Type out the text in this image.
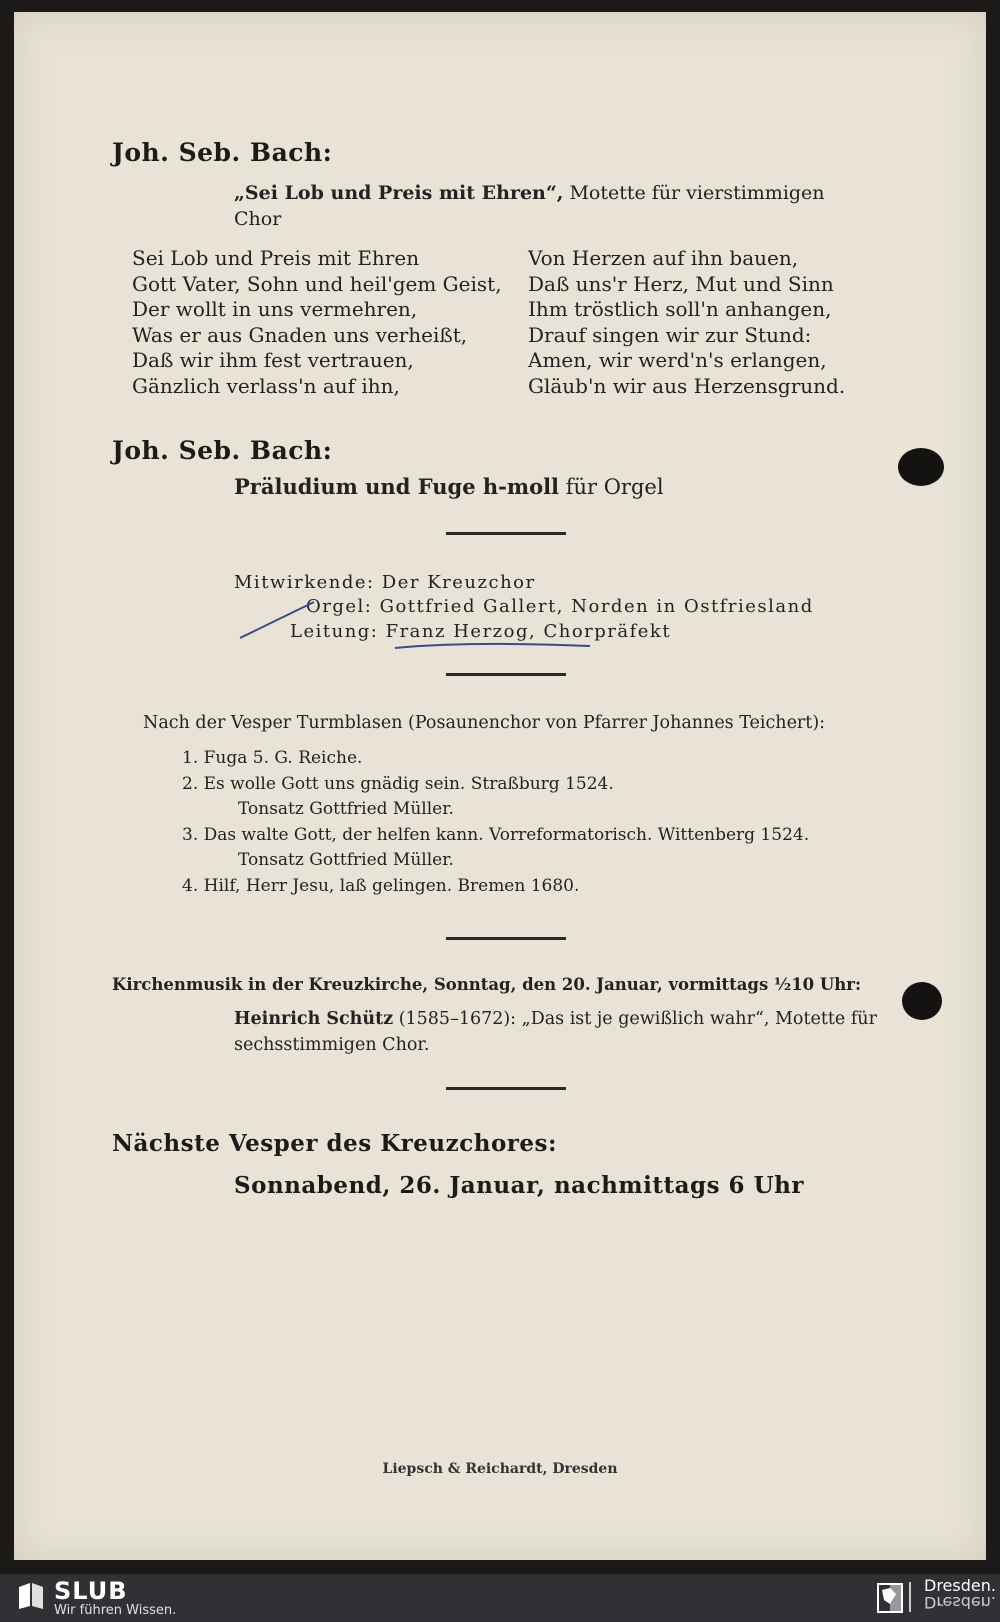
Joh. Seb. Bach:
„Sei Lob und Preis mit Ehren“, Motette für vierstimmigen
Chor
Sei Lob und Preis mit Ehren
Gott Vater, Sohn und heil'gem Geist,
Der wollt in uns vermehren,
Was er aus Gnaden uns verheißt,
Daß wir ihm fest vertrauen,
Gänzlich verlass'n auf ihn,
Von Herzen auf ihn bauen,
Daß uns'r Herz, Mut und Sinn
Ihm tröstlich soll'n anhangen,
Drauf singen wir zur Stund:
Amen, wir werd'n's erlangen,
Gläub'n wir aus Herzensgrund.
Joh. Seb. Bach:
Präludium und Fuge h-moll für Orgel
Mitwirkende: Der Kreuzchor
Orgel: Gottfried Gallert, Norden in Ostfriesland
Leitung: Franz Herzog, Chorpräfekt
Nach der Vesper Turmblasen (Posaunenchor von Pfarrer Johannes Teichert):
1. Fuga 5. G. Reiche.
2. Es wolle Gott uns gnädig sein. Straßburg 1524.
Tonsatz Gottfried Müller.
3. Das walte Gott, der helfen kann. Vorreformatorisch. Wittenberg 1524.
Tonsatz Gottfried Müller.
4. Hilf, Herr Jesu, laß gelingen. Bremen 1680.
Kirchenmusik in der Kreuzkirche, Sonntag, den 20. Januar, vormittags ½10 Uhr:
Heinrich Schütz (1585–1672): „Das ist je gewißlich wahr“, Motette für
sechsstimmigen Chor.
Nächste Vesper des Kreuzchores:
Sonnabend, 26. Januar, nachmittags 6 Uhr
Liepsch & Reichardt, Dresden
SLUB
Wir führen Wissen.
Dresden.
Dresden.
